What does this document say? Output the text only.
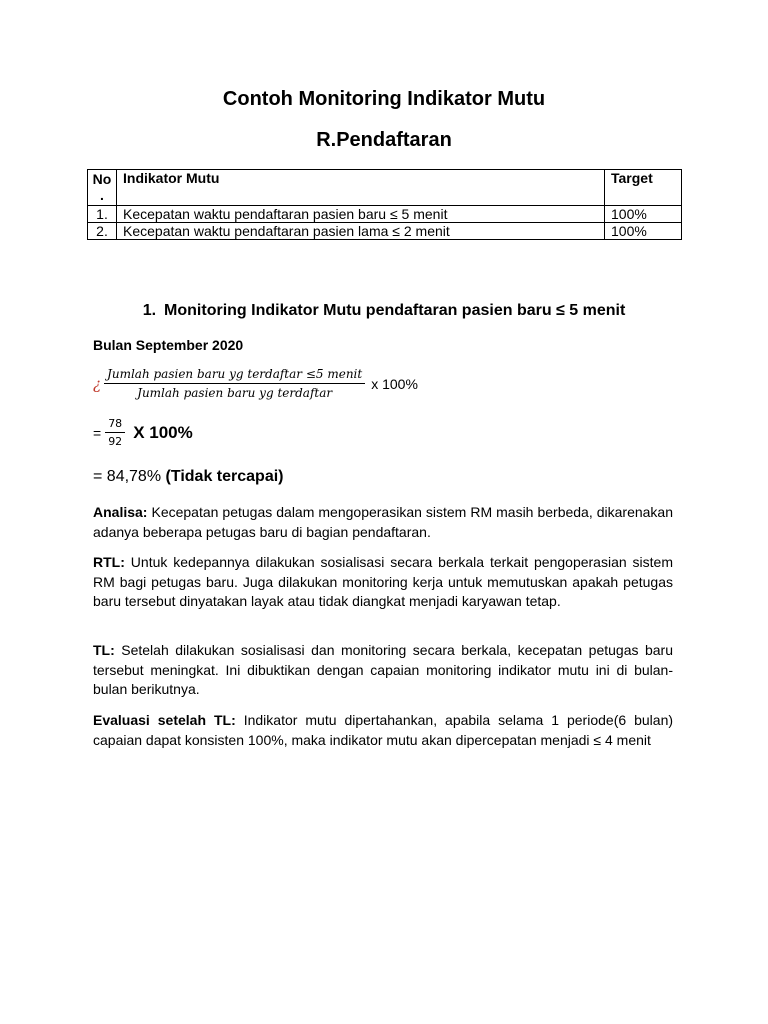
Contoh Monitoring Indikator Mutu
R.Pendaftaran
No
.	Indikator Mutu	Target
1.	Kecepatan waktu pendaftaran pasien baru ≤ 5 menit	100%
2.	Kecepatan waktu pendaftaran pasien lama ≤ 2 menit	100%
1. Monitoring Indikator Mutu pendaftaran pasien baru ≤ 5 menit
Bulan September 2020
¿ $\frac{\text{Jumlah pasien baru yg terdaftar ≤5 menit}}{\text{Jumlah pasien baru yg terdaftar}}$ x 100%
= $\frac{78}{92}$ X 100%
= 84,78% (Tidak tercapai)
Analisa: Kecepatan petugas dalam mengoperasikan sistem RM masih berbeda, dikarenakan adanya beberapa petugas baru di bagian pendaftaran.
RTL: Untuk kedepannya dilakukan sosialisasi secara berkala terkait pengoperasian sistem RM bagi petugas baru. Juga dilakukan monitoring kerja untuk memutuskan apakah petugas baru tersebut dinyatakan layak atau tidak diangkat menjadi karyawan tetap.
TL: Setelah dilakukan sosialisasi dan monitoring secara berkala, kecepatan petugas baru tersebut meningkat. Ini dibuktikan dengan capaian monitoring indikator mutu ini di bulan-bulan berikutnya.
Evaluasi setelah TL: Indikator mutu dipertahankan, apabila selama 1 periode(6 bulan) capaian dapat konsisten 100%, maka indikator mutu akan dipercepatan menjadi ≤ 4 menit
